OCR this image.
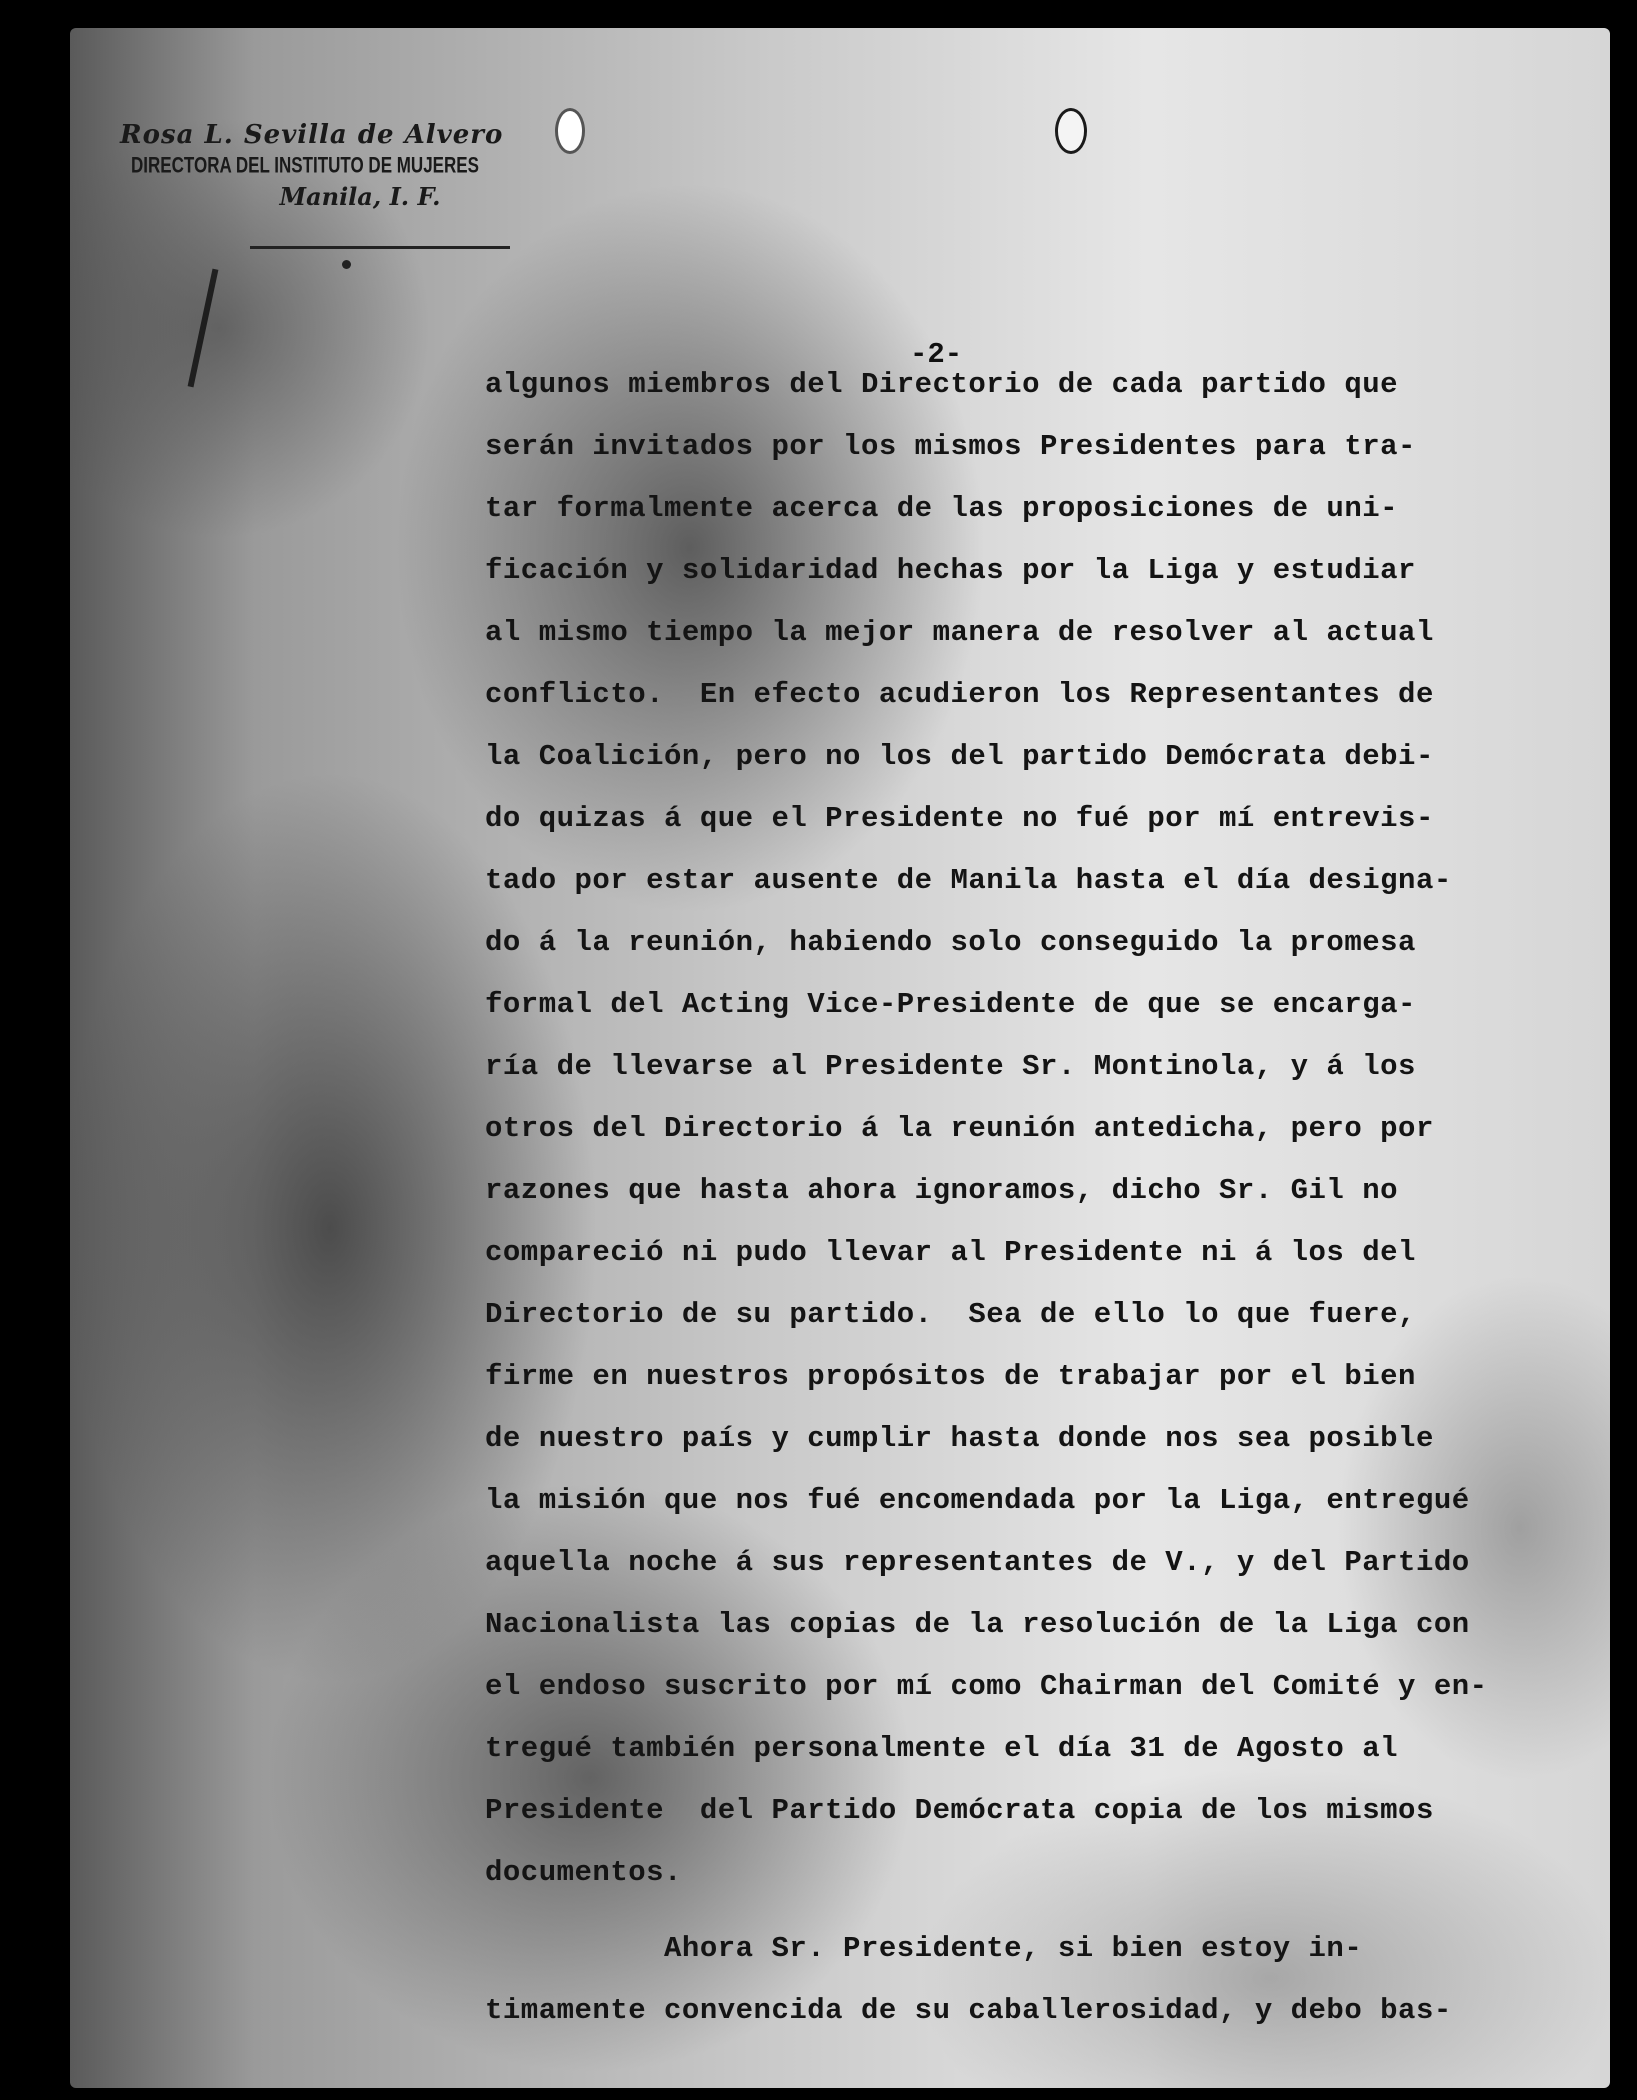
Rosa L. Sevilla de Alvero
DIRECTORA DEL INSTITUTO DE MUJERES
Manila, I. F.
-2-
algunos miembros del Directorio de cada partido que
serán invitados por los mismos Presidentes para tra-
tar formalmente acerca de las proposiciones de uni-
ficación y solidaridad hechas por la Liga y estudiar
al mismo tiempo la mejor manera de resolver al actual
conflicto.  En efecto acudieron los Representantes de
la Coalición, pero no los del partido Demócrata debi-
do quizas á que el Presidente no fué por mí entrevis-
tado por estar ausente de Manila hasta el día designa-
do á la reunión, habiendo solo conseguido la promesa
formal del Acting Vice-Presidente de que se encarga-
ría de llevarse al Presidente Sr. Montinola, y á los
otros del Directorio á la reunión antedicha, pero por
razones que hasta ahora ignoramos, dicho Sr. Gil no
compareció ni pudo llevar al Presidente ni á los del
Directorio de su partido.  Sea de ello lo que fuere,
firme en nuestros propósitos de trabajar por el bien
de nuestro país y cumplir hasta donde nos sea posible
la misión que nos fué encomendada por la Liga, entregué
aquella noche á sus representantes de V., y del Partido
Nacionalista las copias de la resolución de la Liga con
el endoso suscrito por mí como Chairman del Comité y en-
tregué también personalmente el día 31 de Agosto al
Presidente  del Partido Demócrata copia de los mismos
documentos.
Ahora Sr. Presidente, si bien estoy in-
timamente convencida de su caballerosidad, y debo bas-
